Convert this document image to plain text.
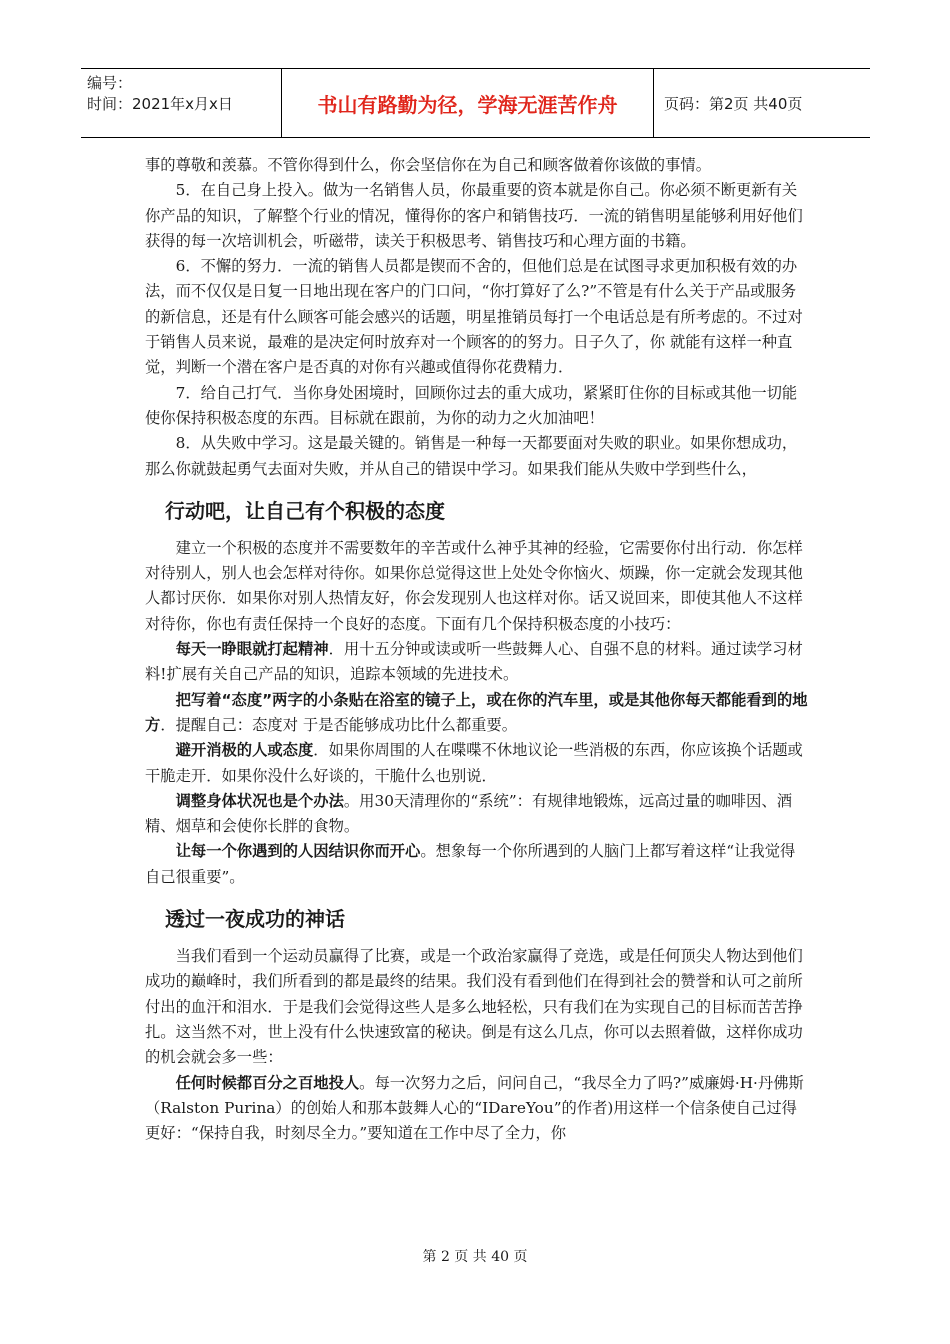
编号：
时间：2021年x月x日	书山有路勤为径，学海无涯苦作舟	页码：第2页 共40页

事的尊敬和羡慕。不管你得到什么，你会坚信你在为自己和顾客做着你该做的事情。

5．在自己身上投入。做为一名销售人员，你最重要的资本就是你自己。你必须不断更新有关你产品的知识，了解整个行业的情况，懂得你的客户和销售技巧．一流的销售明星能够利用好他们获得的每一次培训机会，听磁带，读关于积极思考、销售技巧和心理方面的书籍。

6．不懈的努力．一流的销售人员都是锲而不舍的，但他们总是在试图寻求更加积极有效的办法，而不仅仅是日复一日地出现在客户的门口问，“你打算好了么?”不管是有什么关于产品或服务的新信息，还是有什么顾客可能会感兴的话题，明星推销员每打一个电话总是有所考虑的。不过对于销售人员来说，最难的是决定何时放弃对一个顾客的的努力。日子久了，你 就能有这样一种直觉，判断一个潜在客户是否真的对你有兴趣或值得你花费精力．

7．给自己打气．当你身处困境时，回顾你过去的重大成功，紧紧盯住你的目标或其他一切能使你保持积极态度的东西。目标就在跟前，为你的动力之火加油吧！

8．从失败中学习。这是最关键的。销售是一种每一天都要面对失败的职业。如果你想成功，那么你就鼓起勇气去面对失败，并从自己的错误中学习。如果我们能从失败中学到些什么，

行动吧，让自己有个积极的态度

建立一个积极的态度并不需要数年的辛苦或什么神乎其神的经验，它需要你付出行动．你怎样对待别人，别人也会怎样对待你。如果你总觉得这世上处处令你恼火、烦躁，你一定就会发现其他人都讨厌你．如果你对别人热情友好，你会发现别人也这样对你。话又说回来，即使其他人不这样对待你，你也有责任保持一个良好的态度。下面有几个保持积极态度的小技巧：

每天一睁眼就打起精神．用十五分钟或读或听一些鼓舞人心、自强不息的材料。通过读学习材料!扩展有关自己产品的知识，追踪本领域的先进技术。

把写着“态度”两字的小条贴在浴室的镜子上，或在你的汽车里，或是其他你每天都能看到的地方．提醒自己：态度对 于是否能够成功比什么都重要。

避开消极的人或态度．如果你周围的人在喋喋不休地议论一些消极的东西，你应该换个话题或干脆走开．如果你没什么好谈的，干脆什么也别说．

调整身体状况也是个办法。用30天清理你的“系统”：有规律地锻炼，远高过量的咖啡因、酒精、烟草和会使你长胖的食物。

让每一个你遇到的人因结识你而开心。想象每一个你所遇到的人脑门上都写着这样“让我觉得自己很重要”。

透过一夜成功的神话

当我们看到一个运动员赢得了比赛，或是一个政治家赢得了竞选，或是任何顶尖人物达到他们成功的巅峰时，我们所看到的都是最终的结果。我们没有看到他们在得到社会的赞誉和认可之前所付出的血汗和泪水．于是我们会觉得这些人是多么地轻松，只有我们在为实现自己的目标而苦苦挣扎。这当然不对，世上没有什么快速致富的秘诀。倒是有这么几点，你可以去照着做，这样你成功的机会就会多一些：

任何时候都百分之百地投人。每一次努力之后，问问自己，“我尽全力了吗?”威廉姆·H·丹佛斯（Ralston Purina）的创始人和那本鼓舞人心的“IDareYou”的作者)用这样一个信条使自己过得更好：“保持自我，时刻尽全力。”要知道在工作中尽了全力，你

第 2 页 共 40 页
